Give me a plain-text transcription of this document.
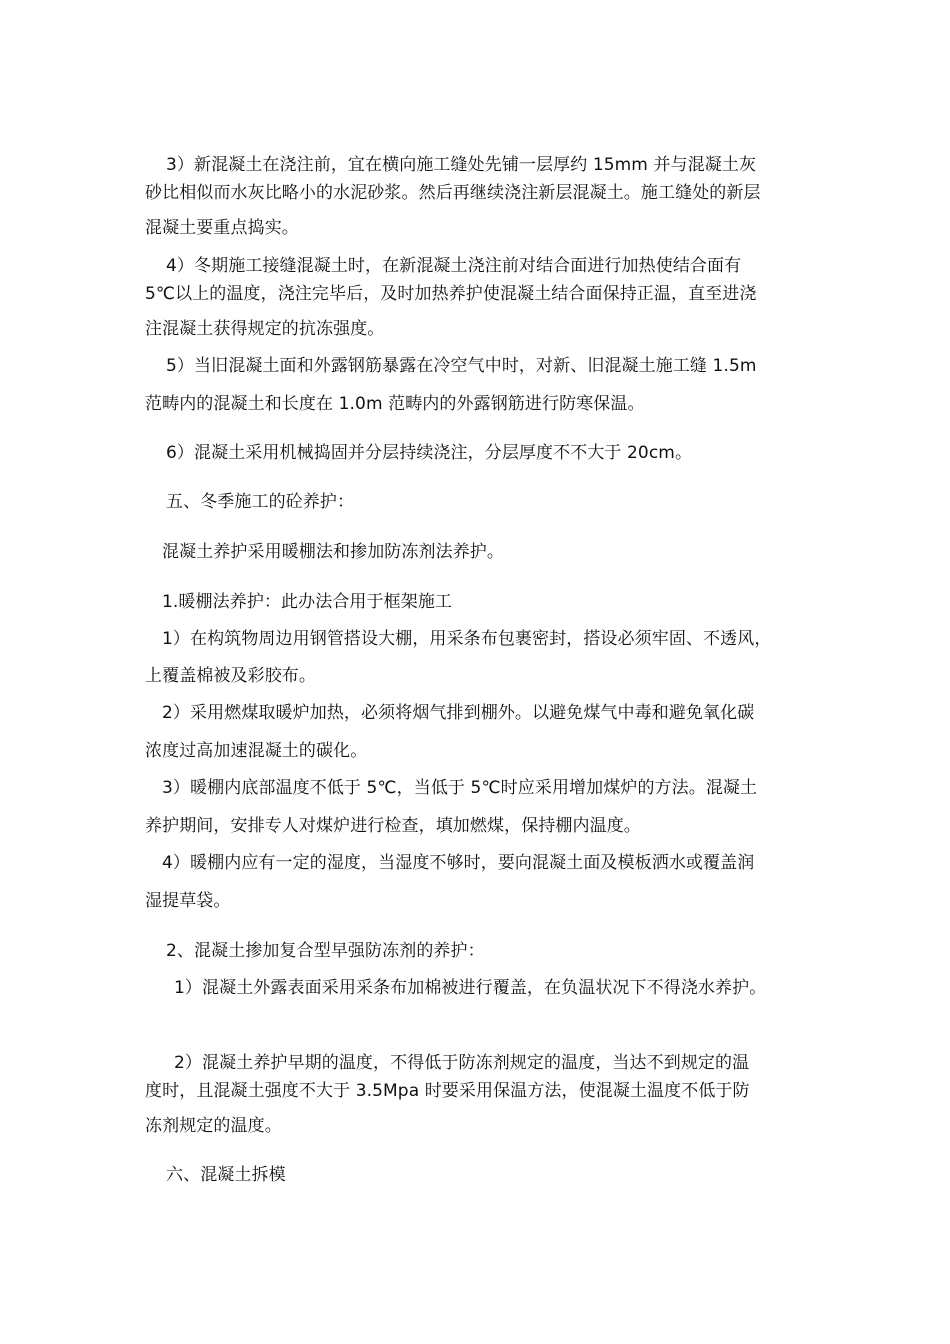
3）新混凝土在浇注前，宜在横向施工缝处先铺一层厚约 15mm 并与混凝土灰
砂比相似而水灰比略小的水泥砂浆。然后再继续浇注新层混凝土。施工缝处的新层
混凝土要重点捣实。
4）冬期施工接缝混凝土时，在新混凝土浇注前对结合面进行加热使结合面有
5℃以上的温度，浇注完毕后，及时加热养护使混凝土结合面保持正温，直至进浇
注混凝土获得规定的抗冻强度。
5）当旧混凝土面和外露钢筋暴露在冷空气中时，对新、旧混凝土施工缝 1.5m
范畴内的混凝土和长度在 1.0m 范畴内的外露钢筋进行防寒保温。
6）混凝土采用机械捣固并分层持续浇注，分层厚度不不大于 20cm。
五、冬季施工的砼养护：
混凝土养护采用暖棚法和掺加防冻剂法养护。
1.暖棚法养护：此办法合用于框架施工
1）在构筑物周边用钢管搭设大棚，用采条布包裹密封，搭设必须牢固、不透风，
上覆盖棉被及彩胶布。
2）采用燃煤取暖炉加热，必须将烟气排到棚外。以避免煤气中毒和避免氧化碳
浓度过高加速混凝土的碳化。
3）暖棚内底部温度不低于 5℃，当低于 5℃时应采用增加煤炉的方法。混凝土
养护期间，安排专人对煤炉进行检查，填加燃煤，保持棚内温度。
4）暖棚内应有一定的湿度，当湿度不够时，要向混凝土面及模板洒水或覆盖润
湿提草袋。
2、混凝土掺加复合型早强防冻剂的养护：
1）混凝土外露表面采用采条布加棉被进行覆盖，在负温状况下不得浇水养护。
2）混凝土养护早期的温度，不得低于防冻剂规定的温度，当达不到规定的温
度时，且混凝土强度不大于 3.5Mpa 时要采用保温方法，使混凝土温度不低于防
冻剂规定的温度。
六、混凝土拆模
